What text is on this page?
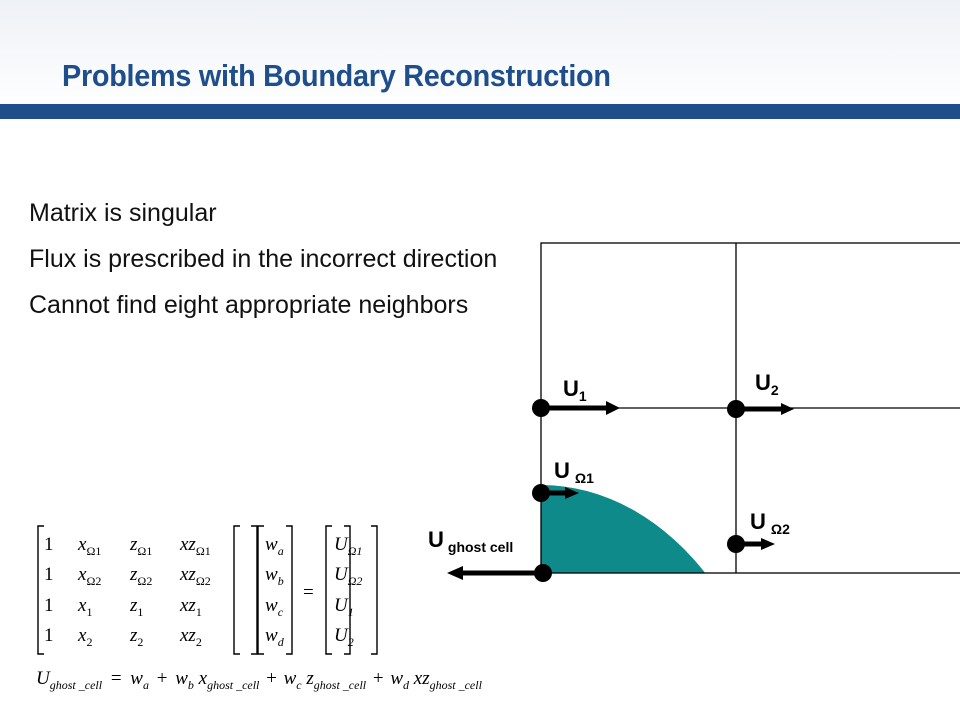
Problems with Boundary Reconstruction
Matrix is singular
Flux is prescribed in the incorrect direction
Cannot find eight appropriate neighbors
$U_1$
$U_2$
U $_{\Omega 1}$
U $_{\Omega 2}$
U $_{ghost cell}$
1 $x_{\Omega 1}$ $z_{\Omega 1}$ $xz_{\Omega 1}$
1 $x_{\Omega 2}$ $z_{\Omega 2}$ $xz_{\Omega 2}$
1 $x_1$ $z_1$ $xz_1$
1 $x_2$ $z_2$ $xz_2$
$w_a$
$w_b$
$w_c$
$w_d$
=
$U_{\Omega 1}$
$U_{\Omega 2}$
$U_1$
$U_2$
$U_{ghost \_cell} = w_a + w_b$ $x_{ghost \_cell} + w_c$ $z_{ghost \_cell} + w_d$ $xz_{ghost \_cell}$
